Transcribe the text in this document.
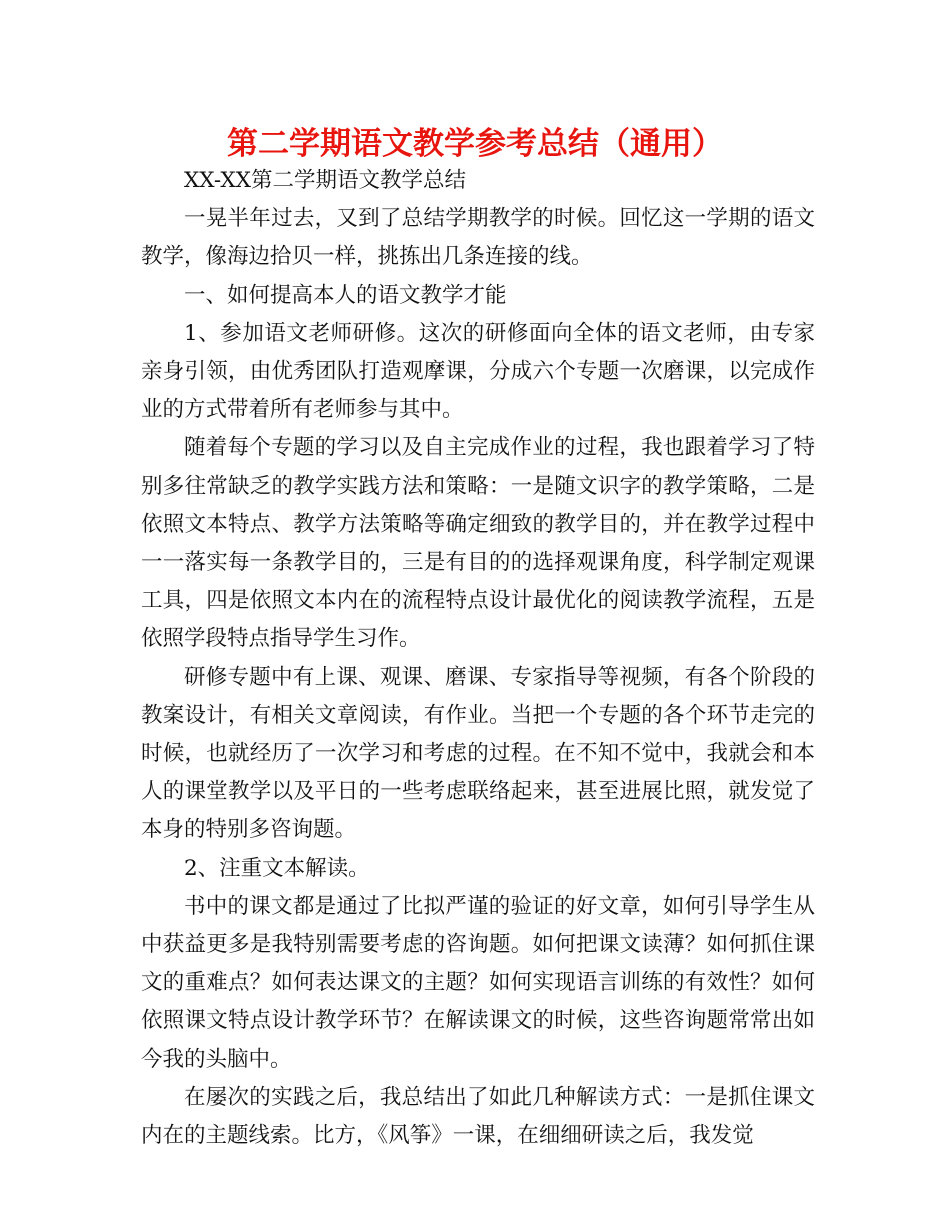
第二学期语文教学参考总结（通用）

XX-XX第二学期语文教学总结

一晃半年过去，又到了总结学期教学的时候。回忆这一学期的语文教学，像海边拾贝一样，挑拣出几条连接的线。

一、如何提高本人的语文教学才能

1、参加语文老师研修。这次的研修面向全体的语文老师，由专家亲身引领，由优秀团队打造观摩课，分成六个专题一次磨课，以完成作业的方式带着所有老师参与其中。

随着每个专题的学习以及自主完成作业的过程，我也跟着学习了特别多往常缺乏的教学实践方法和策略：一是随文识字的教学策略，二是依照文本特点、教学方法策略等确定细致的教学目的，并在教学过程中一一落实每一条教学目的，三是有目的的选择观课角度，科学制定观课工具，四是依照文本内在的流程特点设计最优化的阅读教学流程，五是依照学段特点指导学生习作。

研修专题中有上课、观课、磨课、专家指导等视频，有各个阶段的教案设计，有相关文章阅读，有作业。当把一个专题的各个环节走完的时候，也就经历了一次学习和考虑的过程。在不知不觉中，我就会和本人的课堂教学以及平日的一些考虑联络起来，甚至进展比照，就发觉了本身的特别多咨询题。

2、注重文本解读。

书中的课文都是通过了比拟严谨的验证的好文章，如何引导学生从中获益更多是我特别需要考虑的咨询题。如何把课文读薄？如何抓住课文的重难点？如何表达课文的主题？如何实现语言训练的有效性？如何依照课文特点设计教学环节？在解读课文的时候，这些咨询题常常出如今我的头脑中。

在屡次的实践之后，我总结出了如此几种解读方式：一是抓住课文内在的主题线索。比方，《风筝》一课，在细细研读之后，我发觉
